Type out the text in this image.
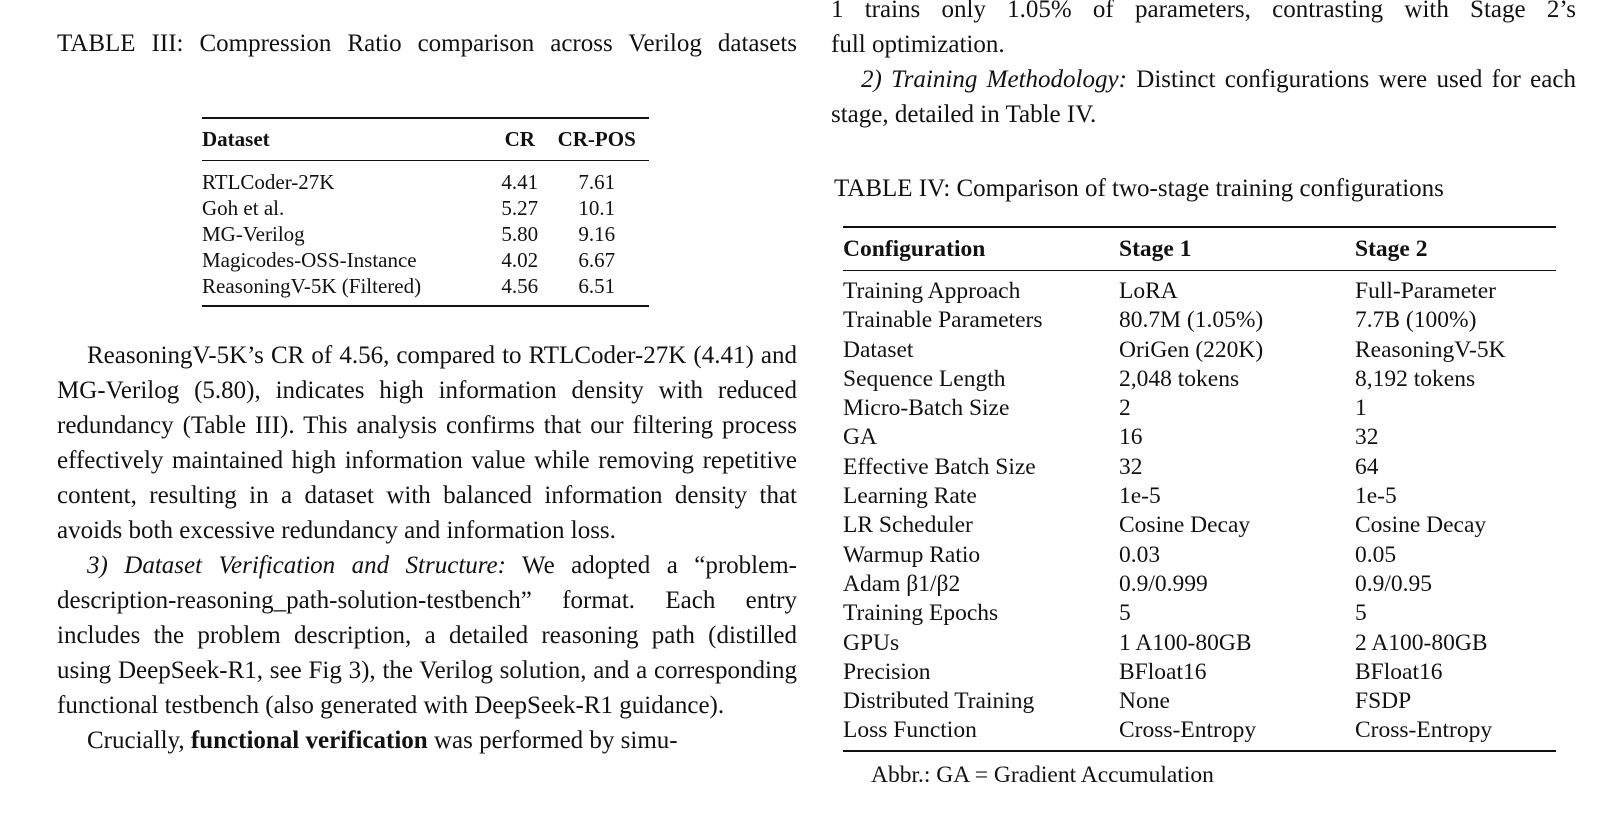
TABLE III: Compression Ratio comparison across Verilog datasets

Dataset	CR	CR-POS
RTLCoder-27K	4.41	7.61
Goh et al.	5.27	10.1
MG-Verilog	5.80	9.16
Magicodes-OSS-Instance	4.02	6.67
ReasoningV-5K (Filtered)	4.56	6.51

ReasoningV-5K’s CR of 4.56, compared to RTLCoder-27K (4.41) and MG-Verilog (5.80), indicates high information density with reduced redundancy (Table III). This analysis confirms that our filtering process effectively maintained high information value while removing repetitive content, resulting in a dataset with balanced information density that avoids both excessive redundancy and information loss.

3) Dataset Verification and Structure: We adopted a “problem-description-reasoning_path-solution-testbench” format. Each entry includes the problem description, a detailed reasoning path (distilled using DeepSeek-R1, see Fig 3), the Verilog solution, and a corresponding functional testbench (also generated with DeepSeek-R1 guidance).

Crucially, functional verification was performed by simu-

1 trains only 1.05% of parameters, contrasting with Stage 2’s

full optimization.

2) Training Methodology: Distinct configurations were used for each stage, detailed in Table IV.

TABLE IV: Comparison of two-stage training configurations

Configuration	Stage 1	Stage 2
Training Approach	LoRA	Full-Parameter
Trainable Parameters	80.7M (1.05%)	7.7B (100%)
Dataset	OriGen (220K)	ReasoningV-5K
Sequence Length	2,048 tokens	8,192 tokens
Micro-Batch Size	2	1
GA	16	32
Effective Batch Size	32	64
Learning Rate	1e-5	1e-5
LR Scheduler	Cosine Decay	Cosine Decay
Warmup Ratio	0.03	0.05
Adam β1/β2	0.9/0.999	0.9/0.95
Training Epochs	5	5
GPUs	1 A100-80GB	2 A100-80GB
Precision	BFloat16	BFloat16
Distributed Training	None	FSDP
Loss Function	Cross-Entropy	Cross-Entropy
Abbr.: GA = Gradient Accumulation
